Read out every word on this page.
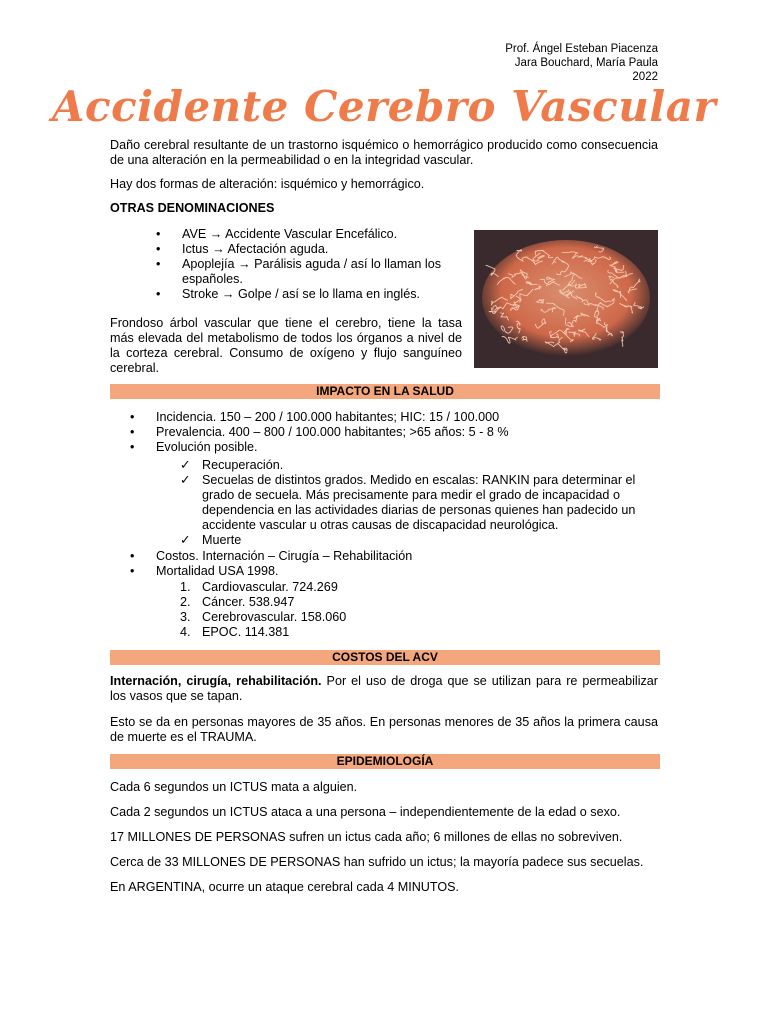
Prof. Ángel Esteban Piacenza
Jara Bouchard, María Paula
2022
Accidente Cerebro Vascular
Daño cerebral resultante de un trastorno isquémico o hemorrágico producido como consecuencia de una alteración en la permeabilidad o en la integridad vascular.
Hay dos formas de alteración: isquémico y hemorrágico.
OTRAS DENOMINACIONES
• AVE → Accidente Vascular Encefálico.
• Ictus → Afectación aguda.
• Apoplejía → Parálisis aguda / así lo llaman los españoles.
• Stroke → Golpe / así se lo llama en inglés.
Frondoso árbol vascular que tiene el cerebro, tiene la tasa más elevada del metabolismo de todos los órganos a nivel de la corteza cerebral. Consumo de oxígeno y flujo sanguíneo cerebral.
IMPACTO EN LA SALUD
• Incidencia. 150 – 200 / 100.000 habitantes; HIC: 15 / 100.000
• Prevalencia. 400 – 800 / 100.000 habitantes; >65 años: 5 - 8 %
• Evolución posible.
✓ Recuperación.
✓ Secuelas de distintos grados. Medido en escalas: RANKIN para determinar el grado de secuela. Más precisamente para medir el grado de incapacidad o dependencia en las actividades diarias de personas quienes han padecido un accidente vascular u otras causas de discapacidad neurológica.
✓ Muerte
• Costos. Internación – Cirugía – Rehabilitación
• Mortalidad USA 1998.
1. Cardiovascular. 724.269
2. Cáncer. 538.947
3. Cerebrovascular. 158.060
4. EPOC. 114.381
COSTOS DEL ACV
Internación, cirugía, rehabilitación. Por el uso de droga que se utilizan para re permeabilizar los vasos que se tapan.
Esto se da en personas mayores de 35 años. En personas menores de 35 años la primera causa de muerte es el TRAUMA.
EPIDEMIOLOGÍA
Cada 6 segundos un ICTUS mata a alguien.
Cada 2 segundos un ICTUS ataca a una persona – independientemente de la edad o sexo.
17 MILLONES DE PERSONAS sufren un ictus cada año; 6 millones de ellas no sobreviven.
Cerca de 33 MILLONES DE PERSONAS han sufrido un ictus; la mayoría padece sus secuelas.
En ARGENTINA, ocurre un ataque cerebral cada 4 MINUTOS.
